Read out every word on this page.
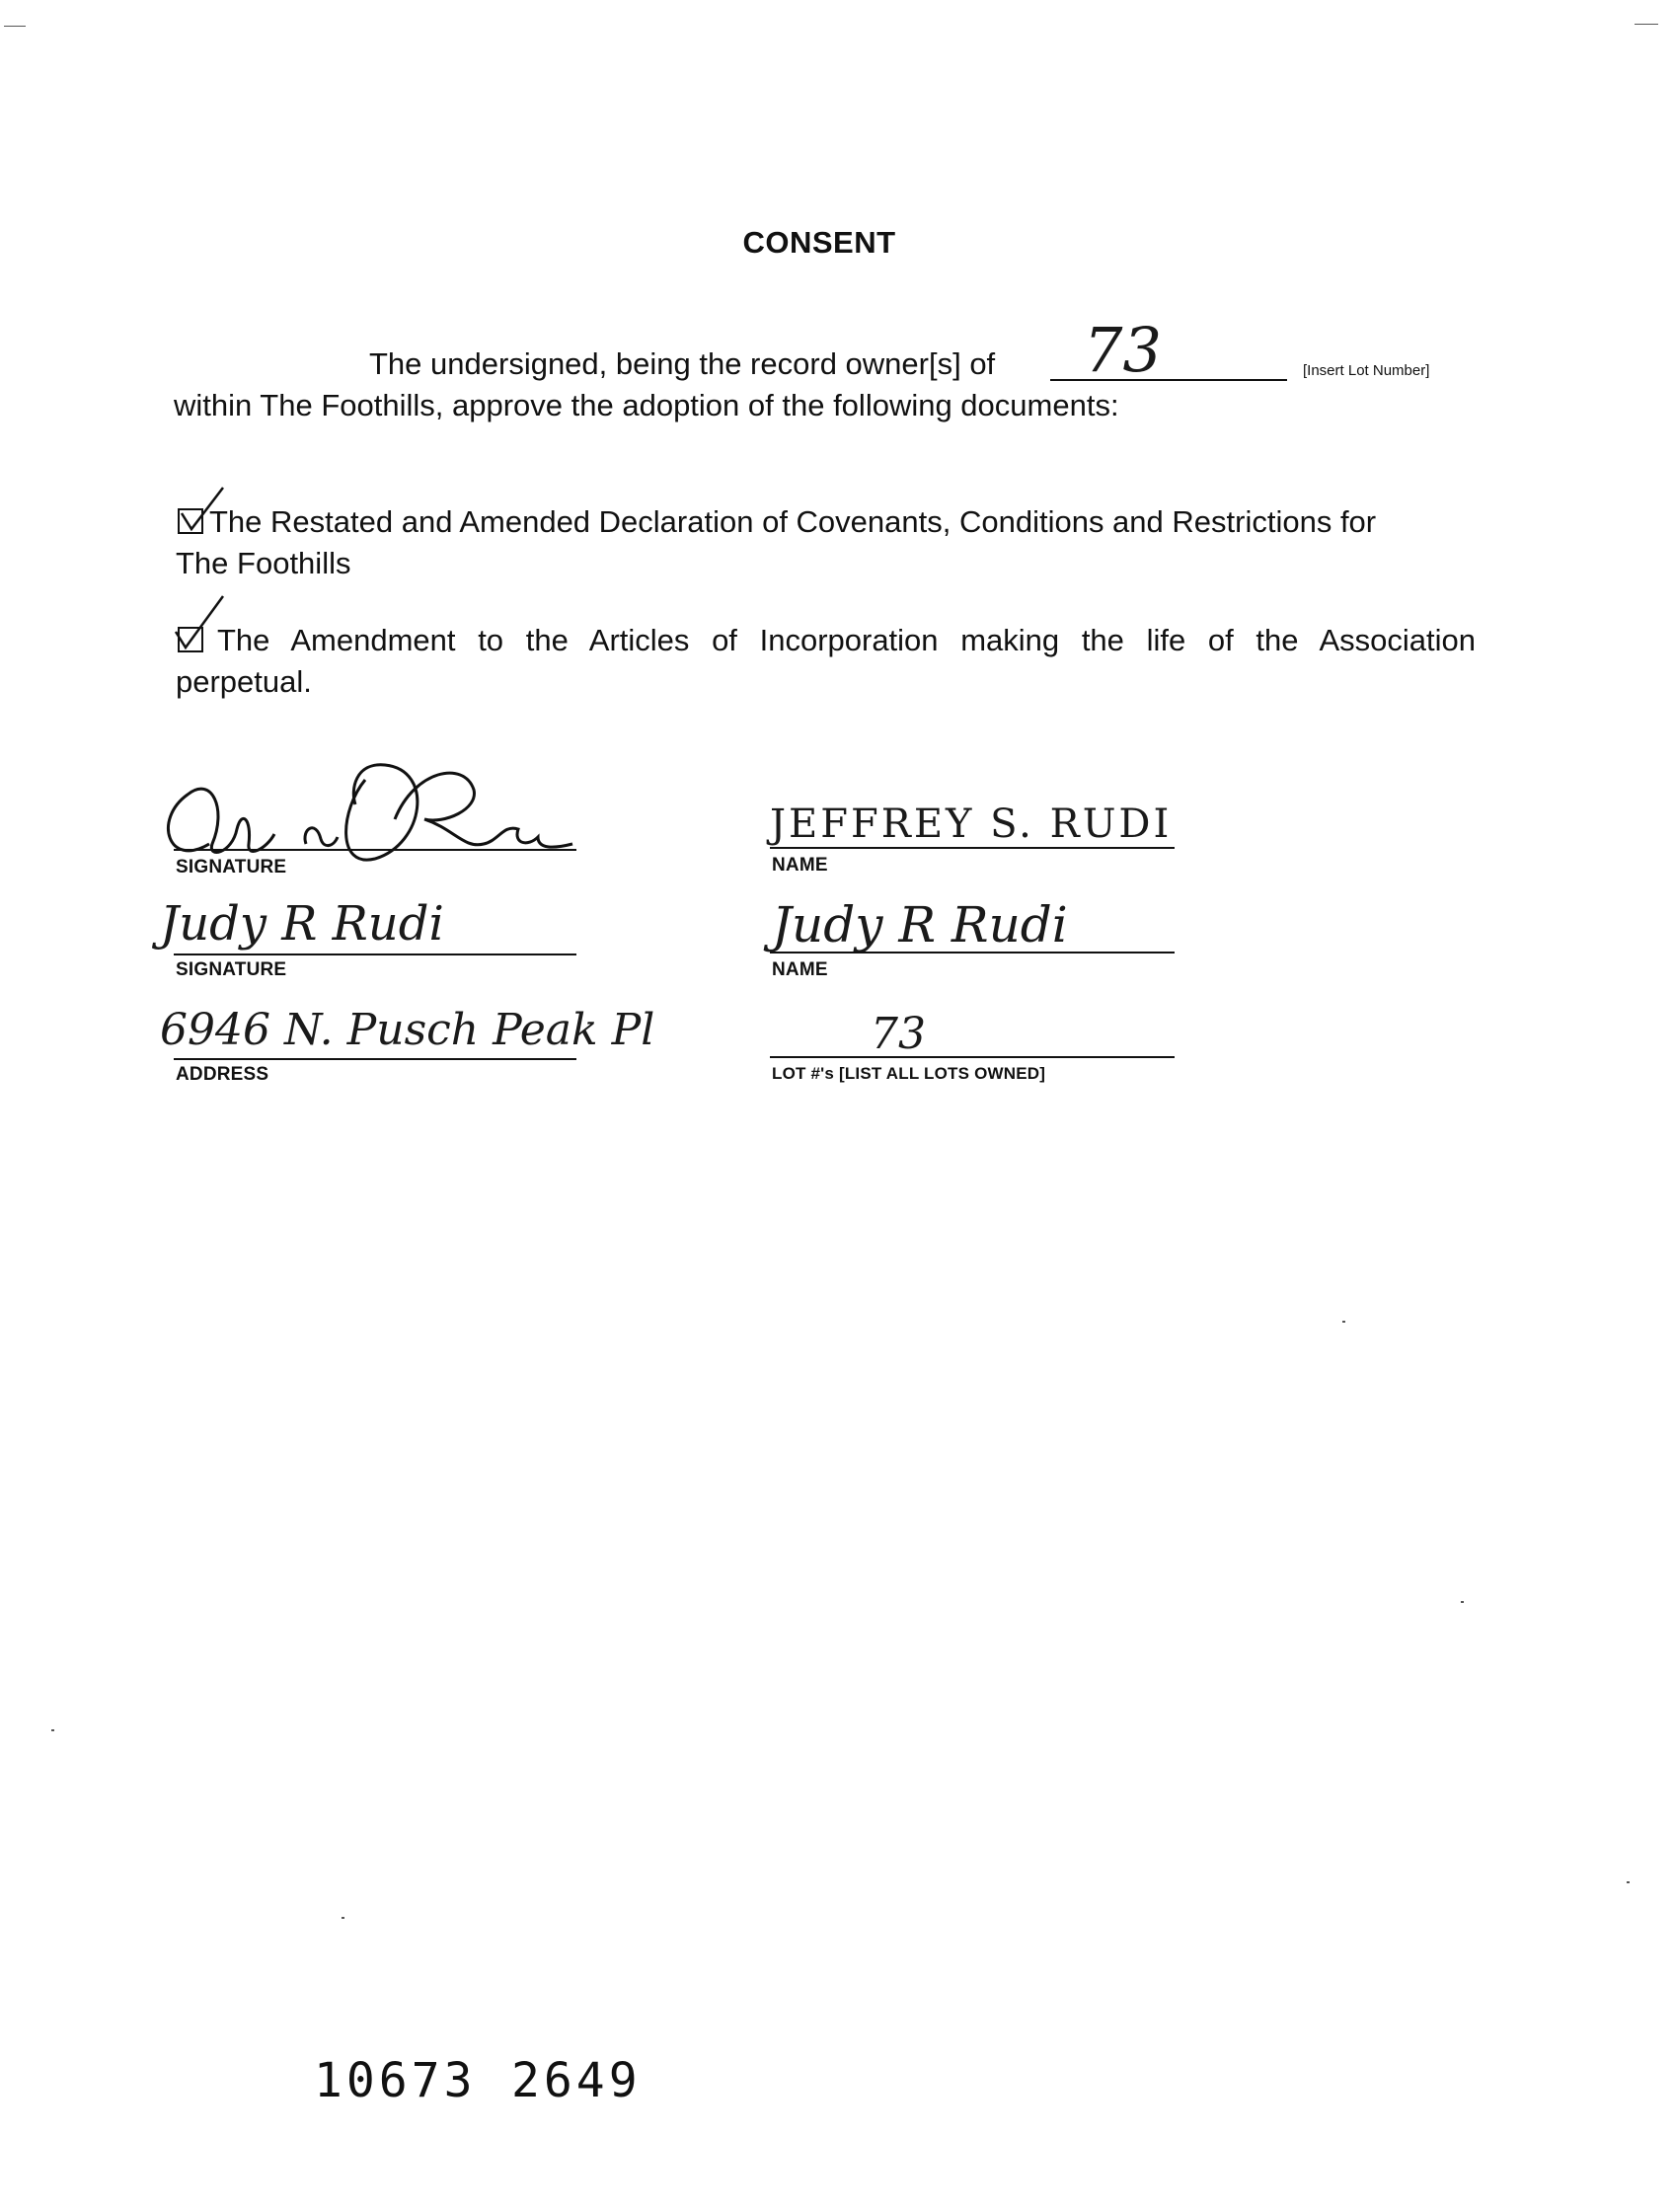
CONSENT
The undersigned, being the record owner[s] of 73	[Insert Lot Number]
within The Foothills, approve the adoption of the following documents:
The Restated and Amended Declaration of Covenants, Conditions and Restrictions for
The Foothills
The Amendment to the Articles of Incorporation making the life of the Association
perpetual.
SIGNATURE
JEFFREY S. RUDI
NAME
Judy R Rudi
SIGNATURE
Judy R Rudi
NAME
6946 N. Pusch Peak Pl
ADDRESS
73
LOT #'s [LIST ALL LOTS OWNED]
10673 2649
